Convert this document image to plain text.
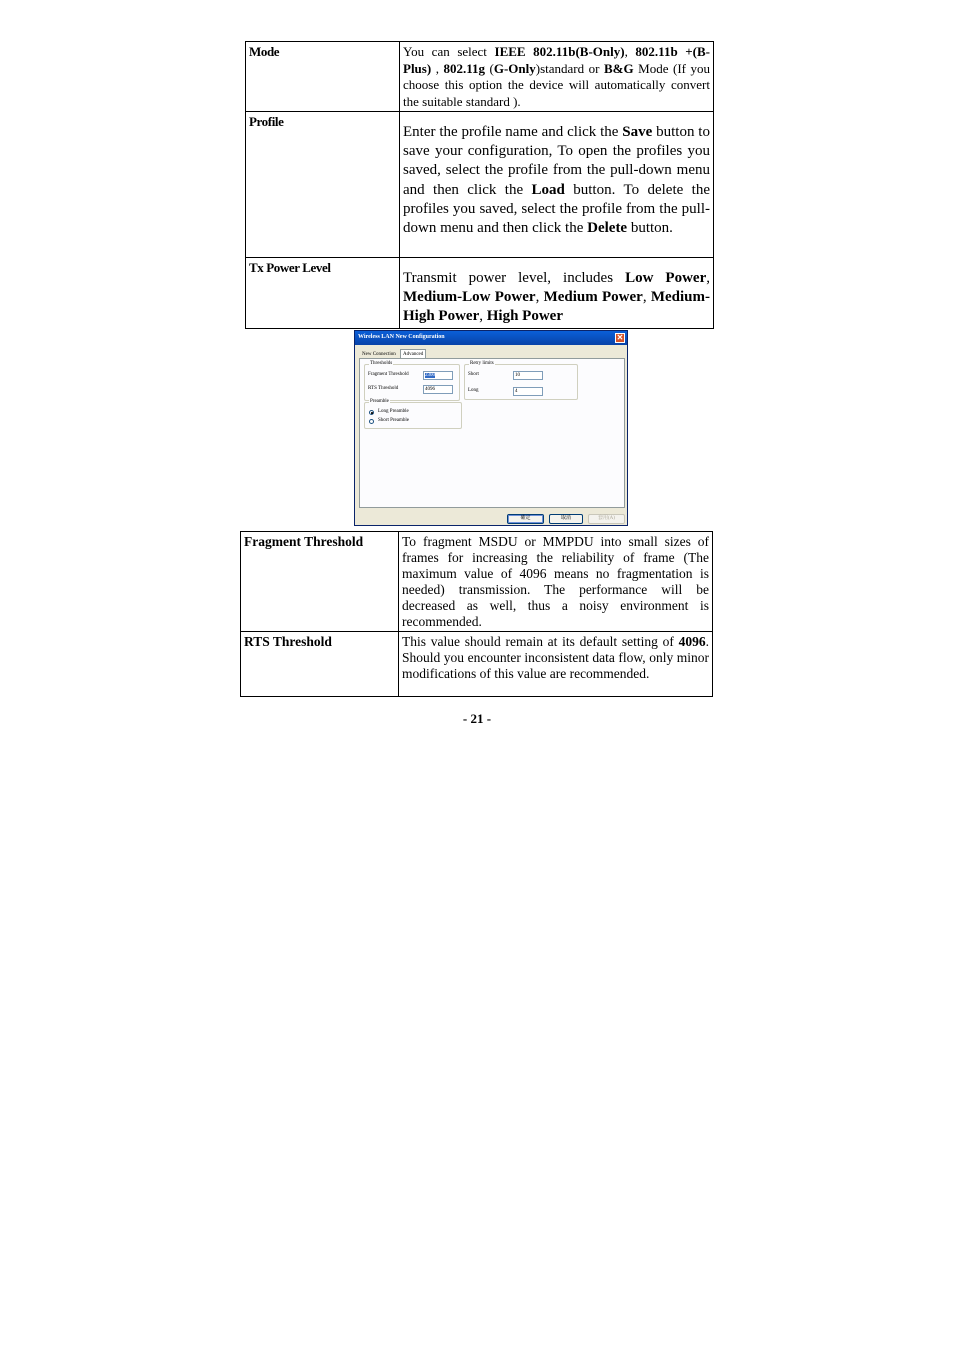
Mode	You can select IEEE 802.11b(B-Only), 802.11b +(B-Plus) , 802.11g (G-Only)standard or B&G Mode (If you choose this option the device will automatically convert the suitable standard ).
Profile	Enter the profile name and click the Save button to save your configuration, To open the profiles you saved, select the profile from the pull-down menu and then click the Load button. To delete the profiles you saved, select the profile from the pull-down menu and then click the Delete button.
Tx Power Level	Transmit power level, includes Low Power, Medium-Low Power, Medium Power, Medium-High Power, High Power
Wireless LAN New Configuration	✕
New Connection	Advanced
Thresholds
Fragment Threshold	2300
RTS Threshold	4096
Retry limits
Short	10
Long	4
Preamble
Long Preamble
Short Preamble
確定	取消	套用(A)
Fragment Threshold	To fragment MSDU or MMPDU into small sizes of frames for increasing the reliability of frame (The maximum value of 4096 means no fragmentation is needed) transmission. The performance will be decreased as well, thus a noisy environment is recommended.
RTS Threshold	This value should remain at its default setting of 4096. Should you encounter inconsistent data flow, only minor modifications of this value are recommended.
- 21 -
